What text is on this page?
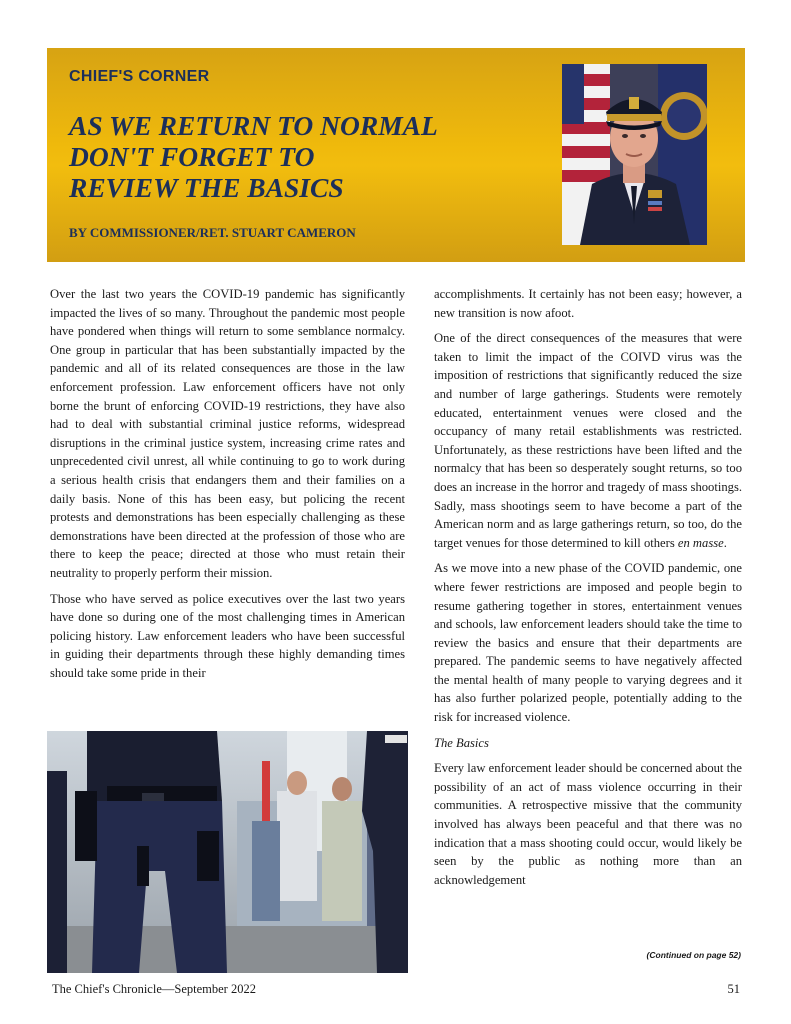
CHIEF'S CORNER
AS WE RETURN TO NORMAL
DON'T FORGET TO
REVIEW THE BASICS
BY COMMISSIONER/RET. STUART CAMERON

Over the last two years the COVID-19 pandemic has significantly impacted the lives of so many. Throughout the pandemic most people have pondered when things will return to some semblance normalcy. One group in particular that has been substantially impacted by the pandemic and all of its related consequences are those in the law enforcement profession. Law enforcement officers have not only borne the brunt of enforcing COVID-19 restrictions, they have also had to deal with substantial criminal justice reforms, widespread disruptions in the criminal justice system, increasing crime rates and unprecedented civil unrest, all while continuing to go to work during a serious health crisis that endangers them and their families on a daily basis. None of this has been easy, but policing the recent protests and demonstrations has been especially challenging as these demonstrations have been directed at the profession of those who are there to keep the peace; directed at those who must retain their neutrality to properly perform their mission.

Those who have served as police executives over the last two years have done so during one of the most challenging times in American policing history. Law enforcement leaders who have been successful in guiding their departments through these highly demanding times should take some pride in their

accomplishments. It certainly has not been easy; however, a new transition is now afoot.

One of the direct consequences of the measures that were taken to limit the impact of the COIVD virus was the imposition of restrictions that significantly reduced the size and number of large gatherings. Students were remotely educated, entertainment venues were closed and the occupancy of many retail establishments was restricted. Unfortunately, as these restrictions have been lifted and the normalcy that has been so desperately sought returns, so too does an increase in the horror and tragedy of mass shootings. Sadly, mass shootings seem to have become a part of the American norm and as large gatherings return, so too, do the target venues for those determined to kill others en masse.

As we move into a new phase of the COVID pandemic, one where fewer restrictions are imposed and people begin to resume gathering together in stores, entertainment venues and schools, law enforcement leaders should take the time to review the basics and ensure that their departments are prepared. The pandemic seems to have negatively affected the mental health of many people to varying degrees and it has also further polarized people, potentially adding to the risk for increased violence.

The Basics

Every law enforcement leader should be concerned about the possibility of an act of mass violence occurring in their communities. A retrospective missive that the community involved has always been peaceful and that there was no indication that a mass shooting could occur, would likely be seen by the public as nothing more than an acknowledgement

(Continued on page 52)
The Chief's Chronicle—September 2022	51
